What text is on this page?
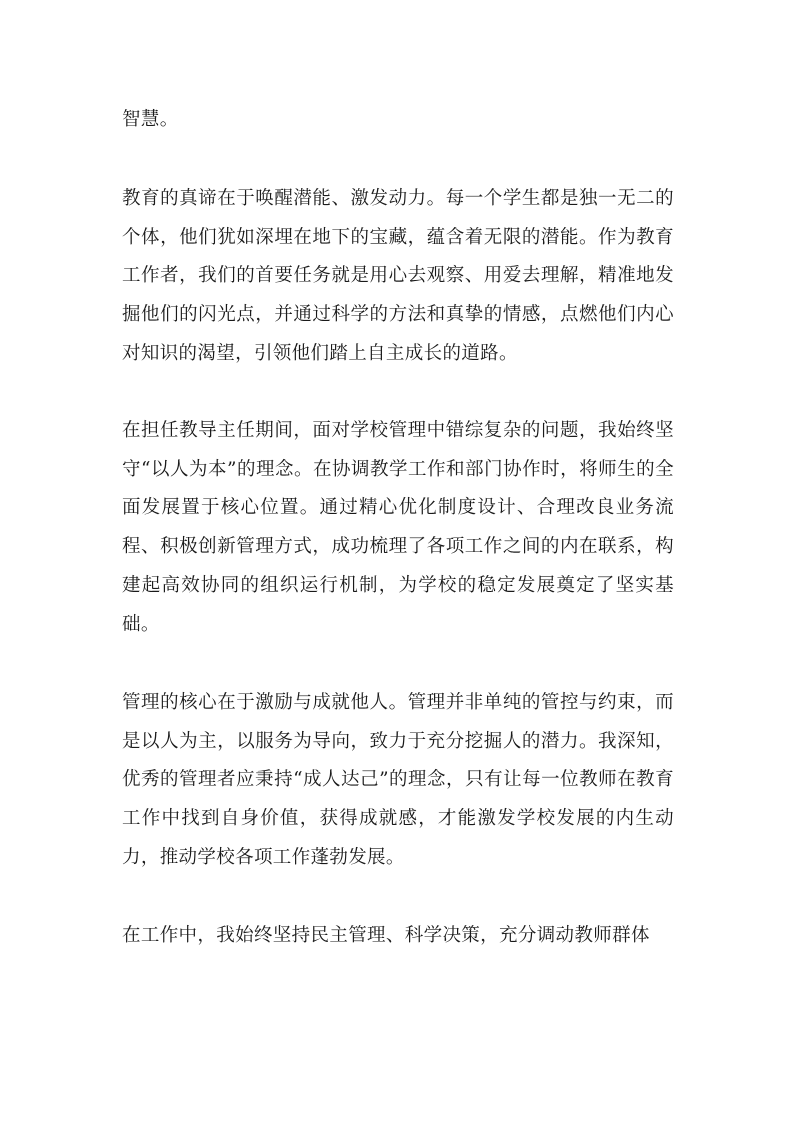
智慧。

教育的真谛在于唤醒潜能、激发动力。每一个学生都是独一无二的个体，他们犹如深埋在地下的宝藏，蕴含着无限的潜能。作为教育工作者，我们的首要任务就是用心去观察、用爱去理解，精准地发掘他们的闪光点，并通过科学的方法和真挚的情感，点燃他们内心对知识的渴望，引领他们踏上自主成长的道路。

在担任教导主任期间，面对学校管理中错综复杂的问题，我始终坚守“以人为本”的理念。在协调教学工作和部门协作时，将师生的全面发展置于核心位置。通过精心优化制度设计、合理改良业务流程、积极创新管理方式，成功梳理了各项工作之间的内在联系，构建起高效协同的组织运行机制，为学校的稳定发展奠定了坚实基础。

管理的核心在于激励与成就他人。管理并非单纯的管控与约束，而是以人为主，以服务为导向，致力于充分挖掘人的潜力。我深知，优秀的管理者应秉持“成人达己”的理念，只有让每一位教师在教育工作中找到自身价值，获得成就感，才能激发学校发展的内生动力，推动学校各项工作蓬勃发展。

在工作中，我始终坚持民主管理、科学决策，充分调动教师群体
